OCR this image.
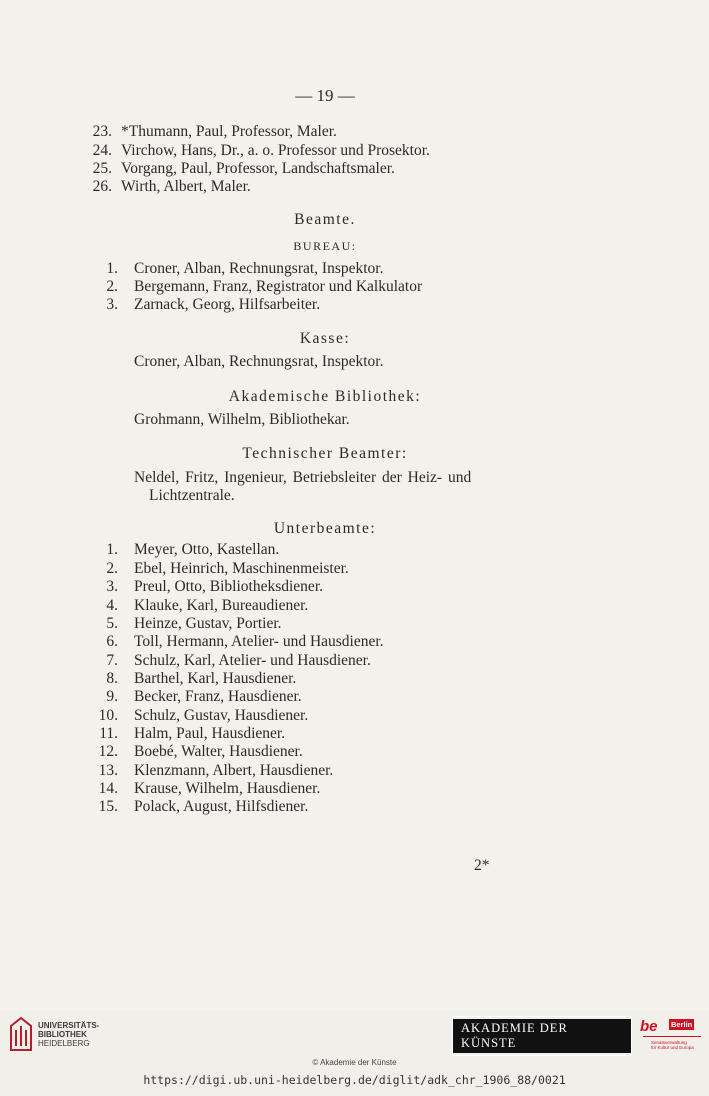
— 19 —
23. *Thumann, Paul, Professor, Maler.
24. Virchow, Hans, Dr., a. o. Professor und Prosektor.
25. Vorgang, Paul, Professor, Landschaftsmaler.
26. Wirth, Albert, Maler.
Beamte.
BUREAU:
1. Croner, Alban, Rechnungsrat, Inspektor.
2. Bergemann, Franz, Registrator und Kalkulator
3. Zarnack, Georg, Hilfsarbeiter.
Kasse:
Croner, Alban, Rechnungsrat, Inspektor.
Akademische Bibliothek:
Grohmann, Wilhelm, Bibliothekar.
Technischer Beamter:
Neldel, Fritz, Ingenieur, Betriebsleiter der Heiz- und
Lichtzentrale.
Unterbeamte:
1. Meyer, Otto, Kastellan.
2. Ebel, Heinrich, Maschinenmeister.
3. Preul, Otto, Bibliotheksdiener.
4. Klauke, Karl, Bureaudiener.
5. Heinze, Gustav, Portier.
6. Toll, Hermann, Atelier- und Hausdiener.
7. Schulz, Karl, Atelier- und Hausdiener.
8. Barthel, Karl, Hausdiener.
9. Becker, Franz, Hausdiener.
10. Schulz, Gustav, Hausdiener.
11. Halm, Paul, Hausdiener.
12. Boebé, Walter, Hausdiener.
13. Klenzmann, Albert, Hausdiener.
14. Krause, Wilhelm, Hausdiener.
15. Polack, August, Hilfsdiener.
2*
UNIVERSITÄTS-
BIBLIOTHEK
HEIDELBERG
AKADEMIE DER KÜNSTE
be Berlin
Senatsverwaltung
für Kultur und Europa
© Akademie der Künste
https://digi.ub.uni-heidelberg.de/diglit/adk_chr_1906_88/0021
